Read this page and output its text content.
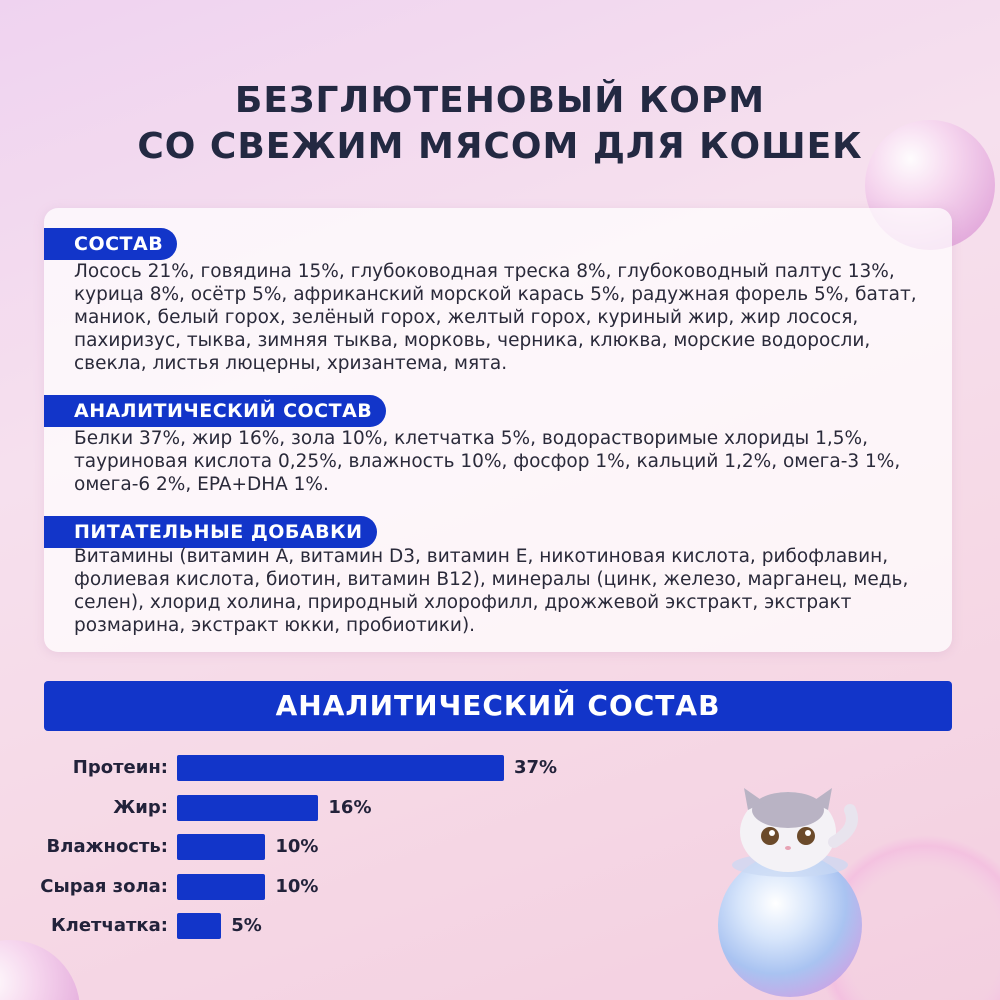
БЕЗГЛЮТЕНОВЫЙ КОРМ
СО СВЕЖИМ МЯСОМ ДЛЯ КОШЕК
СОСТАВ
Лосось 21%, говядина 15%, глубоководная треска 8%, глубоководный палтус 13%, курица 8%, осётр 5%, африканский морской карась 5%, радужная форель 5%, батат, маниок, белый горох, зелёный горох, желтый горох, куриный жир, жир лосося, пахиризус, тыква, зимняя тыква, морковь, черника, клюква, морские водоросли, свекла, листья люцерны, хризантема, мята.
АНАЛИТИЧЕСКИЙ СОСТАВ
Белки 37%, жир 16%, зола 10%, клетчатка 5%, водорастворимые хлориды 1,5%, тауриновая кислота 0,25%, влажность 10%, фосфор 1%, кальций 1,2%, омега-3 1%, омега-6 2%, EPA+DHA 1%.
ПИТАТЕЛЬНЫЕ ДОБАВКИ
Витамины (витамин A, витамин D3, витамин E, никотиновая кислота, рибофлавин, фолиевая кислота, биотин, витамин B12), минералы (цинк, железо, марганец, медь, селен), хлорид холина, природный хлорофилл, дрожжевой экстракт, экстракт розмарина, экстракт юкки, пробиотики).
АНАЛИТИЧЕСКИЙ СОСТАВ
Протеин:	37%
Жир:	16%
Влажность:	10%
Сырая зола:	10%
Клетчатка:	5%
